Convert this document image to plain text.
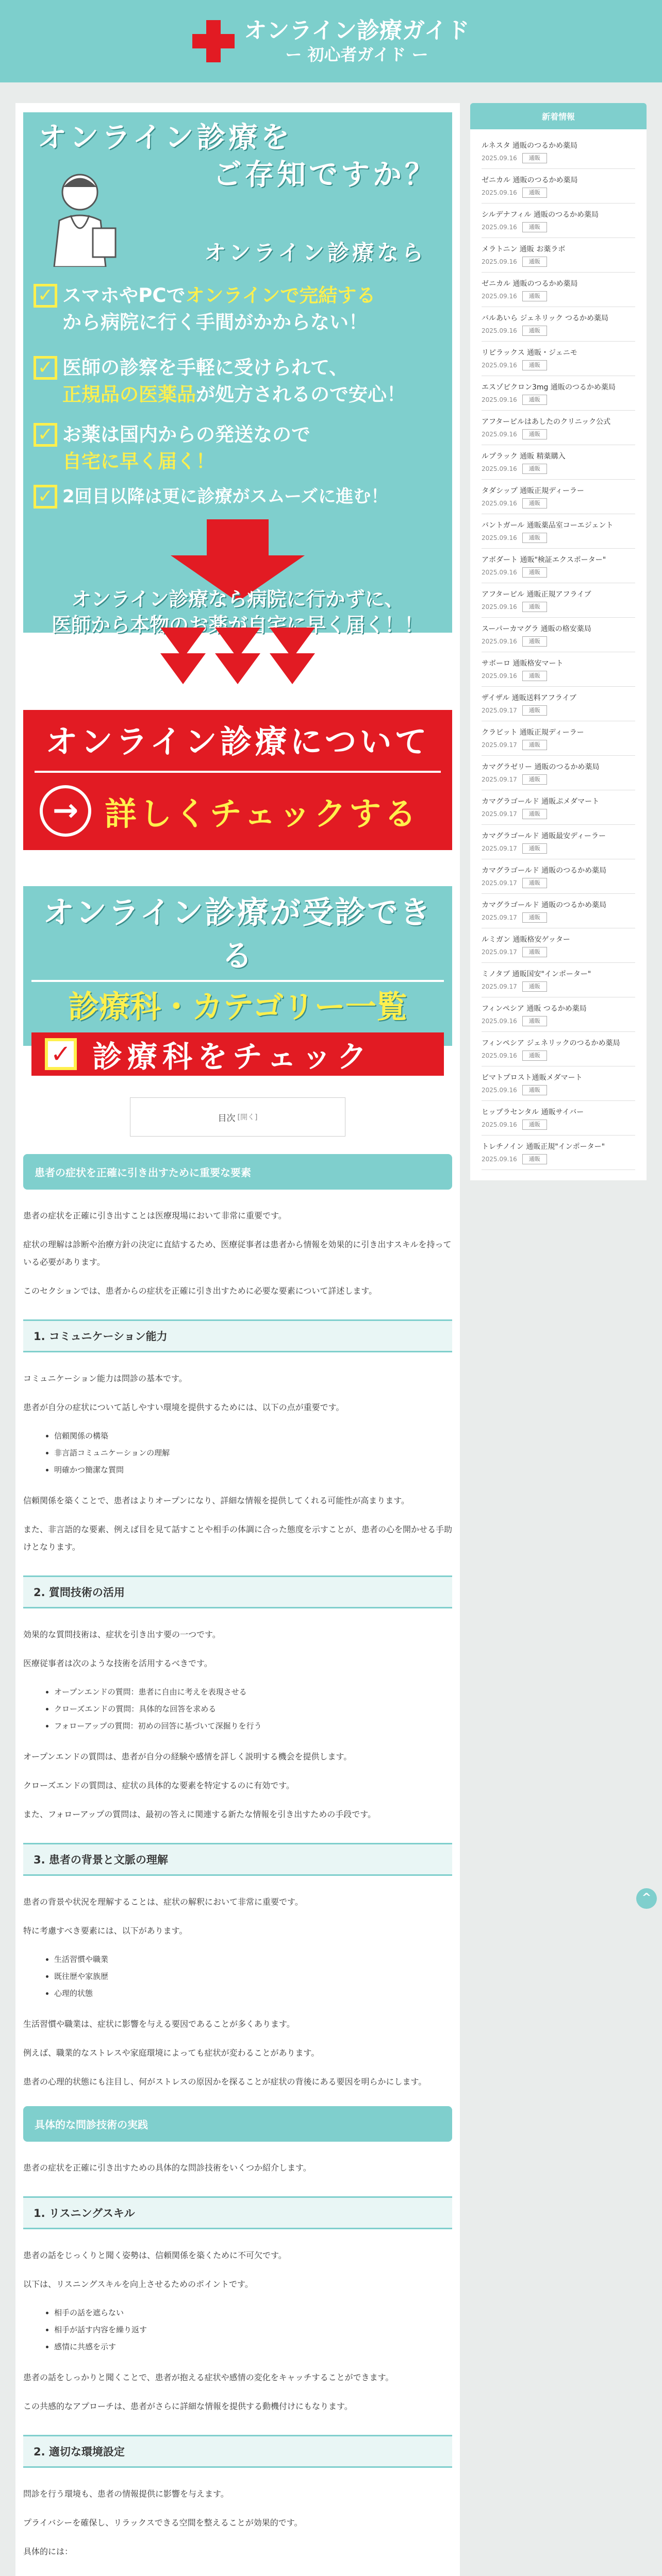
オンライン診療ガイド
ー 初心者ガイド ー
オンライン診療を
ご存知ですか？
オンライン診療なら
✓ スマホやPCでオンラインで完結する
から病院に行く手間がかからない！
✓ 医師の診察を手軽に受けられて、
正規品の医薬品が処方されるので安心！
✓ お薬は国内からの発送なので
自宅に早く届く！
✓ 2回目以降は更に診療がスムーズに進む！
オンライン診療なら病院に行かずに、
医師から本物のお薬が自宅に早く届く！！
オンライン診療について
→ 詳しくチェックする
オンライン診療が受診できる
診療科・カテゴリー一覧
✓ 診療科をチェック
目次 [開く]
患者の症状を正確に引き出すために重要な要素

患者の症状を正確に引き出すことは医療現場において非常に重要です。

症状の理解は診断や治療方針の決定に直結するため、医療従事者は患者から情報を効果的に引き出すスキルを持っている必要があります。

このセクションでは、患者からの症状を正確に引き出すために必要な要素について詳述します。

1. コミュニケーション能力

コミュニケーション能力は問診の基本です。

患者が自分の症状について話しやすい環境を提供するためには、以下の点が重要です。

• 信頼関係の構築
• 非言語コミュニケーションの理解
• 明確かつ簡潔な質問

信頼関係を築くことで、患者はよりオープンになり、詳細な情報を提供してくれる可能性が高まります。

また、非言語的な要素、例えば目を見て話すことや相手の体調に合った態度を示すことが、患者の心を開かせる手助けとなります。

2. 質問技術の活用

効果的な質問技術は、症状を引き出す要の一つです。

医療従事者は次のような技術を活用するべきです。

• オープンエンドの質問：患者に自由に考えを表現させる
• クローズエンドの質問：具体的な回答を求める
• フォローアップの質問：初めの回答に基づいて深掘りを行う

オープンエンドの質問は、患者が自分の経験や感情を詳しく説明する機会を提供します。

クローズエンドの質問は、症状の具体的な要素を特定するのに有効です。

また、フォローアップの質問は、最初の答えに関連する新たな情報を引き出すための手段です。

3. 患者の背景と文脈の理解

患者の背景や状況を理解することは、症状の解釈において非常に重要です。

特に考慮すべき要素には、以下があります。

• 生活習慣や職業
• 既往歴や家族歴
• 心理的状態

生活習慣や職業は、症状に影響を与える要因であることが多くあります。

例えば、職業的なストレスや家庭環境によっても症状が変わることがあります。

患者の心理的状態にも注目し、何がストレスの原因かを探ることが症状の背後にある要因を明らかにします。

具体的な問診技術の実践

患者の症状を正確に引き出すための具体的な問診技術をいくつか紹介します。

1. リスニングスキル

患者の話をじっくりと聞く姿勢は、信頼関係を築くために不可欠です。

以下は、リスニングスキルを向上させるためのポイントです。

• 相手の話を遮らない
• 相手が話す内容を繰り返す
• 感情に共感を示す

患者の話をしっかりと聞くことで、患者が抱える症状や感情の変化をキャッチすることができます。

この共感的なアプローチは、患者がさらに詳細な情報を提供する動機付けにもなります。

2. 適切な環境設定

問診を行う環境も、患者の情報提供に影響を与えます。

プライバシーを確保し、リラックスできる空間を整えることが効果的です。

具体的には：

•

新着情報
ルネスタ 通販のつるかめ薬局
2025.09.16	通販
ゼニカル 通販のつるかめ薬局
2025.09.16	通販
シルデナフィル 通販のつるかめ薬局
2025.09.16	通販
メラトニン 通販 お薬ラボ
2025.09.16	通販
ゼニカル 通販のつるかめ薬局
2025.09.16	通販
バルあいら ジェネリック つるかめ薬局
2025.09.16	通販
リピラックス 通販・ジェニモ
2025.09.16	通販
エスゾピクロン3mg 通販のつるかめ薬局
2025.09.16	通販
アフターピルはあしたのクリニック公式
2025.09.16	通販
ルプラック 通販 精薬購入
2025.09.16	通販
タダシップ 通販正規ディーラー
2025.09.16	通販
バントガール 通販薬品室コーエジェント
2025.09.16	通販
アボダート 通販"検証エクスポーター"
2025.09.16	通販
アフターピル 通販正規アフライブ
2025.09.16	通販
スーパーカマグラ 通販の格安薬局
2025.09.16	通販
サボーロ 通販格安マート
2025.09.16	通販
ザイザル 通販送料アフライブ
2025.09.17	通販
クラビット 通販正規ディーラー
2025.09.17	通販
カマグラゼリー 通販のつるかめ薬局
2025.09.17	通販
カマグラゴールド 通販ぷメダマート
2025.09.17	通販
カマグラゴールド 通販最安ディーラー
2025.09.17	通販
カマグラゴールド 通販のつるかめ薬局
2025.09.17	通販
カマグラゴールド 通販のつるかめ薬局
2025.09.17	通販
ルミガン 通販格安ゲッター
2025.09.17	通販
ミノタブ 通販国安"インポーター"
2025.09.17	通販
フィンペシア 通販 つるかめ薬局
2025.09.16	通販
フィンペシア ジェネリックのつるかめ薬局
2025.09.16	通販
ビマトプロスト通販メダマート
2025.09.16	通販
ヒップラセンタル 通販サイバー
2025.09.16	通販
トレチノイン 通販正規"インポーター"
2025.09.16	通販
^
